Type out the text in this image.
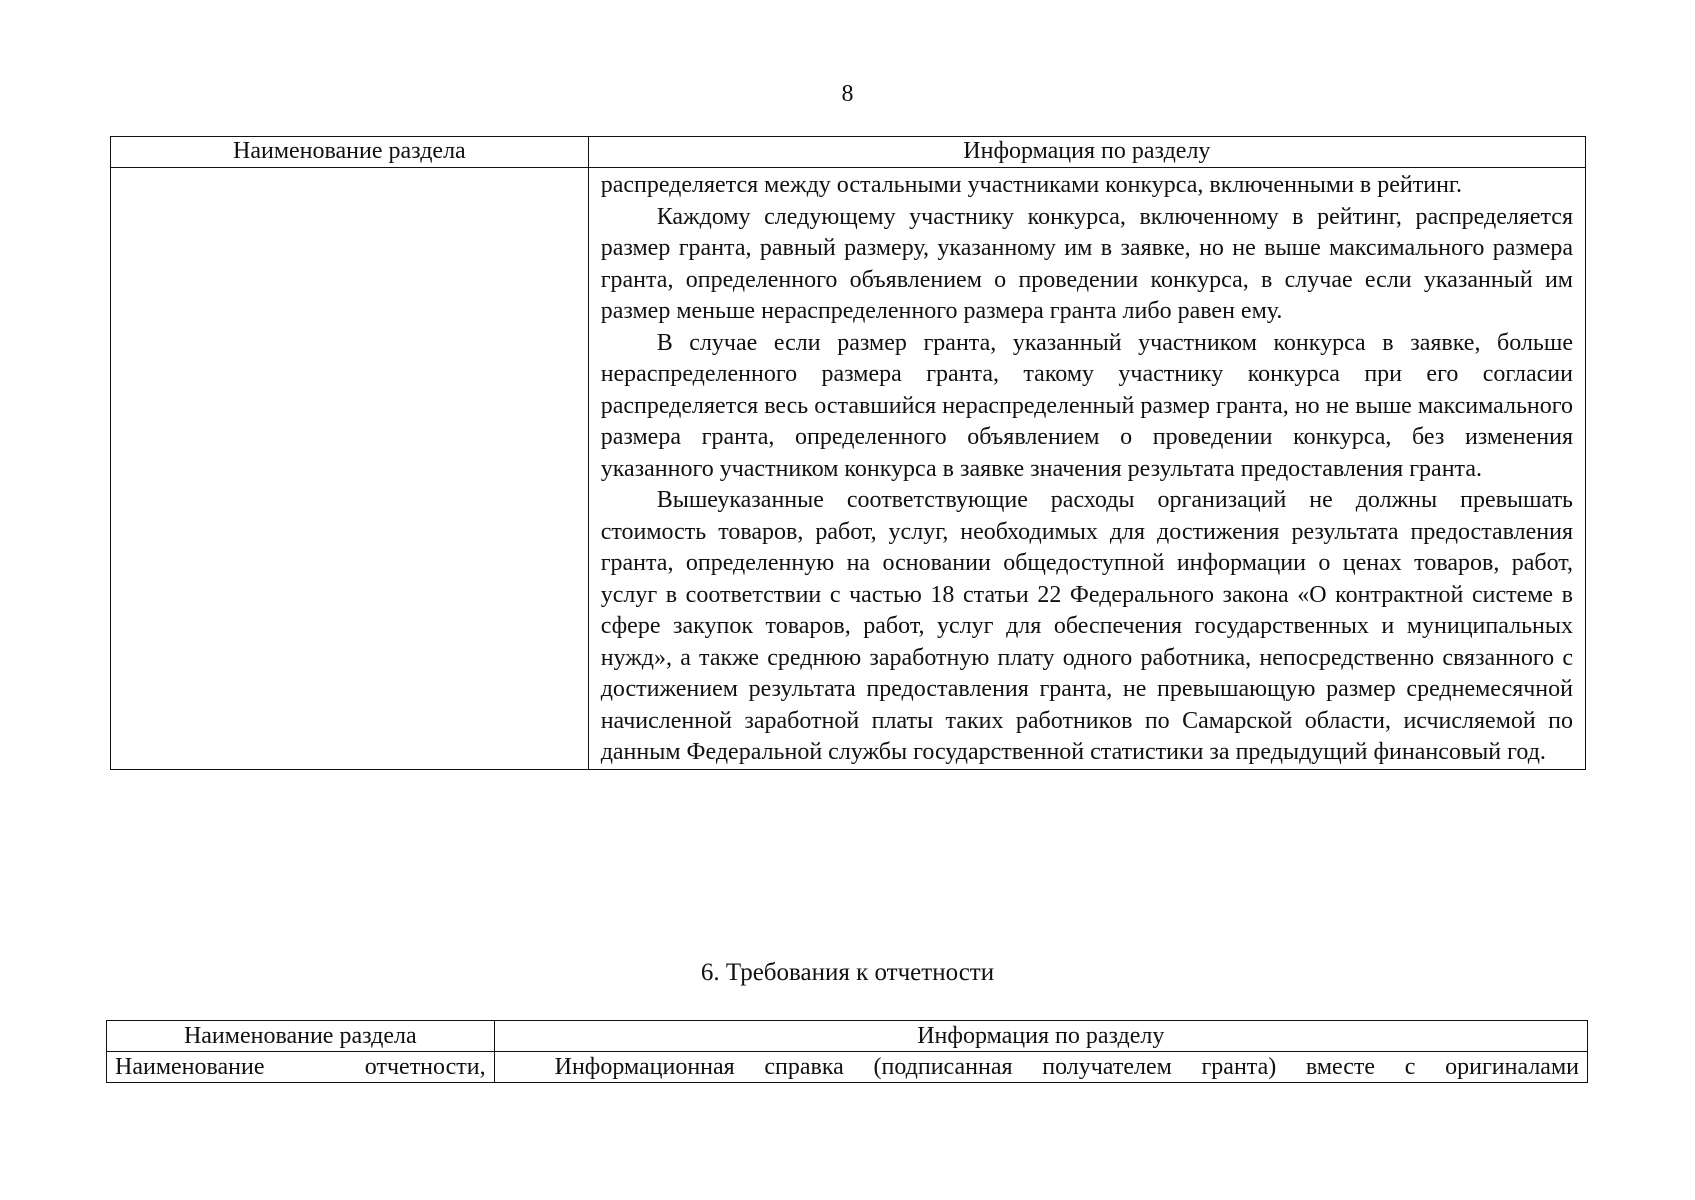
8
Наименование раздела	Информация по разделу

	распределяется между остальными участниками конкурса, включенными в рейтинг.

Каждому следующему участнику конкурса, включенному в рейтинг, распределяется размер гранта, равный размеру, указанному им в заявке, но не выше максимального размера гранта, определенного объявлением о проведении конкурса, в случае если указанный им размер меньше нераспределенного размера гранта либо равен ему.

В случае если размер гранта, указанный участником конкурса в заявке, больше нераспределенного размера гранта, такому участнику конкурса при его согласии распределяется весь оставшийся нераспределенный размер гранта, но не выше максимального размера гранта, определенного объявлением о проведении конкурса, без изменения указанного участником конкурса в заявке значения результата предоставления гранта.

Вышеуказанные соответствующие расходы организаций не должны превышать стоимость товаров, работ, услуг, необходимых для достижения результата предоставления гранта, определенную на основании общедоступной информации о ценах товаров, работ, услуг в соответствии с частью 18 статьи 22 Федерального закона «О контрактной системе в сфере закупок товаров, работ, услуг для обеспечения государственных и муниципальных нужд», а также среднюю заработную плату одного работника, непосредственно связанного с достижением результата предоставления гранта, не превышающую размер среднемесячной начисленной заработной платы таких работников по Самарской области, исчисляемой по данным Федеральной службы государственной статистики за предыдущий финансовый год.

6. Требования к отчетности
Наименование раздела	Информация по разделу

Наименование отчетности,	Информационная справка (подписанная получателем гранта) вместе с оригиналами
